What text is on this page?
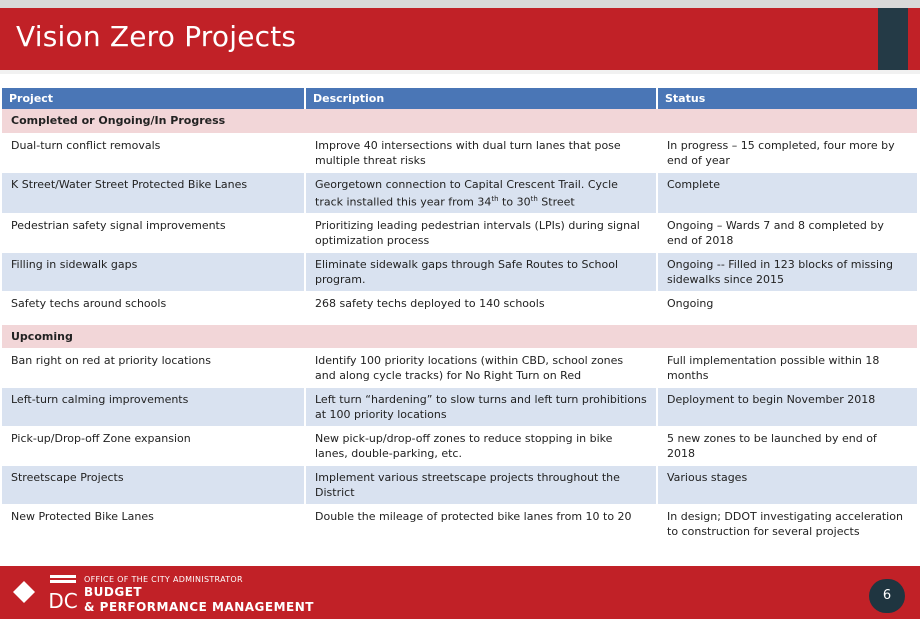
Vision Zero Projects
Project	Description	Status
Completed or Ongoing/In Progress		
Dual-turn conflict removals	Improve 40 intersections with dual turn lanes that pose multiple threat risks	In progress – 15 completed, four more by end of year
K Street/Water Street Protected Bike Lanes	Georgetown connection to Capital Crescent Trail. Cycle track installed this year from 34th to 30th Street	Complete
Pedestrian safety signal improvements	Prioritizing leading pedestrian intervals (LPIs) during signal optimization process	Ongoing – Wards 7 and 8 completed by end of 2018
Filling in sidewalk gaps	Eliminate sidewalk gaps through Safe Routes to School program.	Ongoing -- Filled in 123 blocks of missing sidewalks since 2015
Safety techs around schools	268 safety techs deployed to 140 schools	Ongoing
Upcoming		
Ban right on red at priority locations	Identify 100 priority locations (within CBD, school zones and along cycle tracks) for No Right Turn on Red	Full implementation possible within 18 months
Left-turn calming improvements	Left turn “hardening” to slow turns and left turn prohibitions at 100 priority locations	Deployment to begin November 2018
Pick-up/Drop-off Zone expansion	New pick-up/drop-off zones to reduce stopping in bike lanes, double-parking, etc.	5 new zones to be launched by end of 2018
Streetscape Projects	Implement various streetscape projects throughout the District	Various stages
New Protected Bike Lanes	Double the mileage of protected bike lanes from 10 to 20	In design; DDOT investigating acceleration to construction for several projects
DC
OFFICE OF THE CITY ADMINISTRATOR
BUDGET
& PERFORMANCE MANAGEMENT
6
